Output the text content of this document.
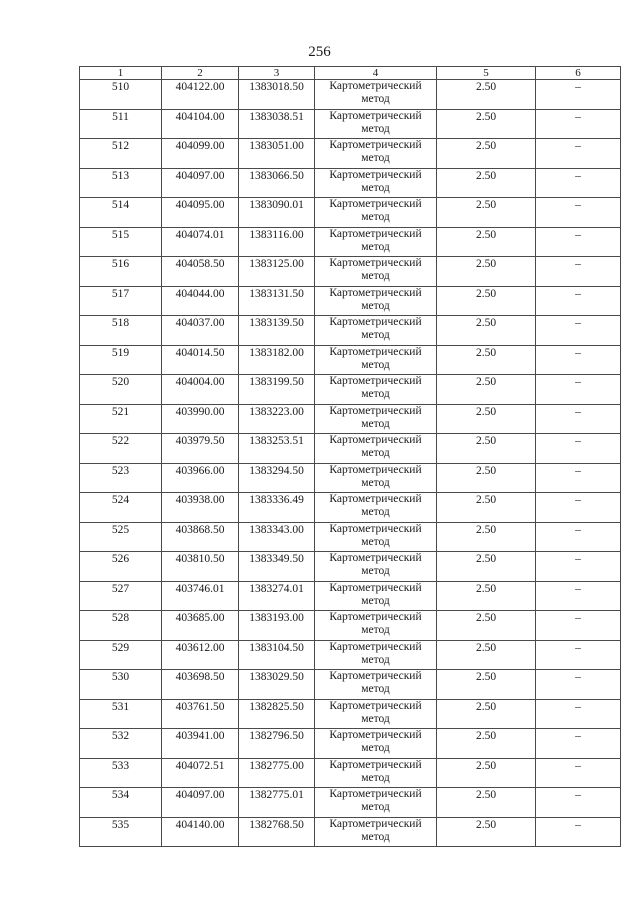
256
1	2	3	4	5	6
510	404122.00	1383018.50	Картометрический метод	2.50	–
511	404104.00	1383038.51	Картометрический метод	2.50	–
512	404099.00	1383051.00	Картометрический метод	2.50	–
513	404097.00	1383066.50	Картометрический метод	2.50	–
514	404095.00	1383090.01	Картометрический метод	2.50	–
515	404074.01	1383116.00	Картометрический метод	2.50	–
516	404058.50	1383125.00	Картометрический метод	2.50	–
517	404044.00	1383131.50	Картометрический метод	2.50	–
518	404037.00	1383139.50	Картометрический метод	2.50	–
519	404014.50	1383182.00	Картометрический метод	2.50	–
520	404004.00	1383199.50	Картометрический метод	2.50	–
521	403990.00	1383223.00	Картометрический метод	2.50	–
522	403979.50	1383253.51	Картометрический метод	2.50	–
523	403966.00	1383294.50	Картометрический метод	2.50	–
524	403938.00	1383336.49	Картометрический метод	2.50	–
525	403868.50	1383343.00	Картометрический метод	2.50	–
526	403810.50	1383349.50	Картометрический метод	2.50	–
527	403746.01	1383274.01	Картометрический метод	2.50	–
528	403685.00	1383193.00	Картометрический метод	2.50	–
529	403612.00	1383104.50	Картометрический метод	2.50	–
530	403698.50	1383029.50	Картометрический метод	2.50	–
531	403761.50	1382825.50	Картометрический метод	2.50	–
532	403941.00	1382796.50	Картометрический метод	2.50	–
533	404072.51	1382775.00	Картометрический метод	2.50	–
534	404097.00	1382775.01	Картометрический метод	2.50	–
535	404140.00	1382768.50	Картометрический метод	2.50	–
